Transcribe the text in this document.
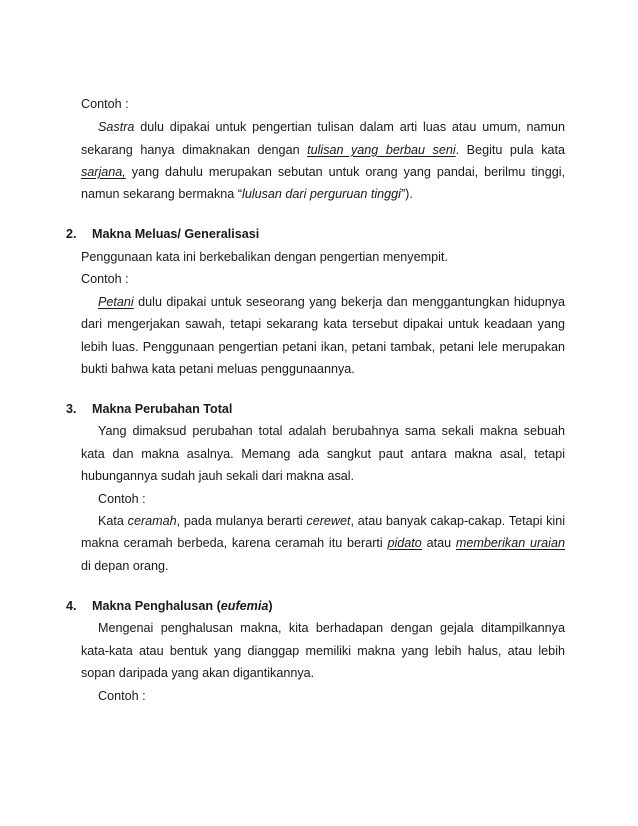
Contoh :
Sastra dulu dipakai untuk pengertian tulisan dalam arti luas atau umum, namun
sekarang hanya dimaknakan dengan tulisan yang berbau seni. Begitu pula kata
sarjana, yang dahulu merupakan sebutan untuk orang yang pandai, berilmu tinggi,
namun sekarang bermakna “lulusan dari perguruan tinggi”).
2. Makna Meluas/ Generalisasi
Penggunaan kata ini berkebalikan dengan pengertian menyempit.
Contoh :
Petani dulu dipakai untuk seseorang yang bekerja dan menggantungkan hidupnya
dari mengerjakan sawah, tetapi sekarang kata tersebut dipakai untuk keadaan yang
lebih luas. Penggunaan pengertian petani ikan, petani tambak, petani lele merupakan
bukti bahwa kata petani meluas penggunaannya.
3. Makna Perubahan Total
Yang dimaksud perubahan total adalah berubahnya sama sekali makna sebuah
kata dan makna asalnya. Memang ada sangkut paut antara makna asal, tetapi
hubungannya sudah jauh sekali dari makna asal.
Contoh :
Kata ceramah, pada mulanya berarti cerewet, atau banyak cakap-cakap. Tetapi kini
makna ceramah berbeda, karena ceramah itu berarti pidato atau memberikan uraian
di depan orang.
4. Makna Penghalusan (eufemia)
Mengenai penghalusan makna, kita berhadapan dengan gejala ditampilkannya
kata-kata atau bentuk yang dianggap memiliki makna yang lebih halus, atau lebih
sopan daripada yang akan digantikannya.
Contoh :
